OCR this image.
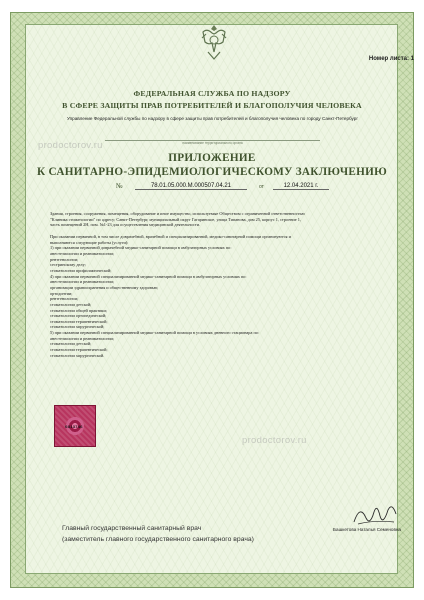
Номер листа: 1
ФЕДЕРАЛЬНАЯ СЛУЖБА ПО НАДЗОРУ
В СФЕРЕ ЗАЩИТЫ ПРАВ ПОТРЕБИТЕЛЕЙ И БЛАГОПОЛУЧИЯ ЧЕЛОВЕКА
Управление Федеральной службы по надзору в сфере защиты прав потребителей и благополучия человека по городу Санкт-Петербург
наименование территориального органа
prodoctorov.ru
ПРИЛОЖЕНИЕ
К САНИТАРНО-ЭПИДЕМИОЛОГИЧЕСКОМУ ЗАКЛЮЧЕНИЮ
№	78.01.05.000.М.000507.04.21	от	12.04.2021 г.

Здания, строения, сооружения, помещения, оборудование и иное имущество, используемые Обществом с ограниченной ответственностью
"Клиника стоматологии" по адресу: Санкт-Петербург, муниципальный округ Гагаринское, улица Типанова, дом 25, корпус 1, строение 1,
часть помещений 2Н, пом. №1-23 для осуществления медицинской деятельности.

При оказании первичной, в том числе доврачебной, врачебной и специализированной, медико-санитарной помощи организуются и
выполняются следующие работы (услуги):
1) при оказании первичной доврачебной медико-санитарной помощи в амбулаторных условиях по:
анестезиологии и реаниматологии;
рентгенологии;
сестринскому делу;
стоматологии профилактической;
4) при оказании первичной специализированной медико-санитарной помощи в амбулаторных условиях по:
анестезиологии и реаниматологии;
организации здравоохранения и общественному здоровью;
ортодонтии;
рентгенологии;
стоматологии детской;
стоматологии общей практики;
стоматологии ортопедической;
стоматологии терапевтической;
стоматологии хирургической;
5) при оказании первичной специализированной медико-санитарной помощи в условиях дневного стационара по:
анестезиологии и реаниматологии;
стоматологии детской;
стоматологии терапевтической;
стоматологии хирургической.

0813746
prodoctorov.ru
Главный государственный санитарный врач
(заместитель главного государственного санитарного врача)
Башкетова Наталья Семеновна
